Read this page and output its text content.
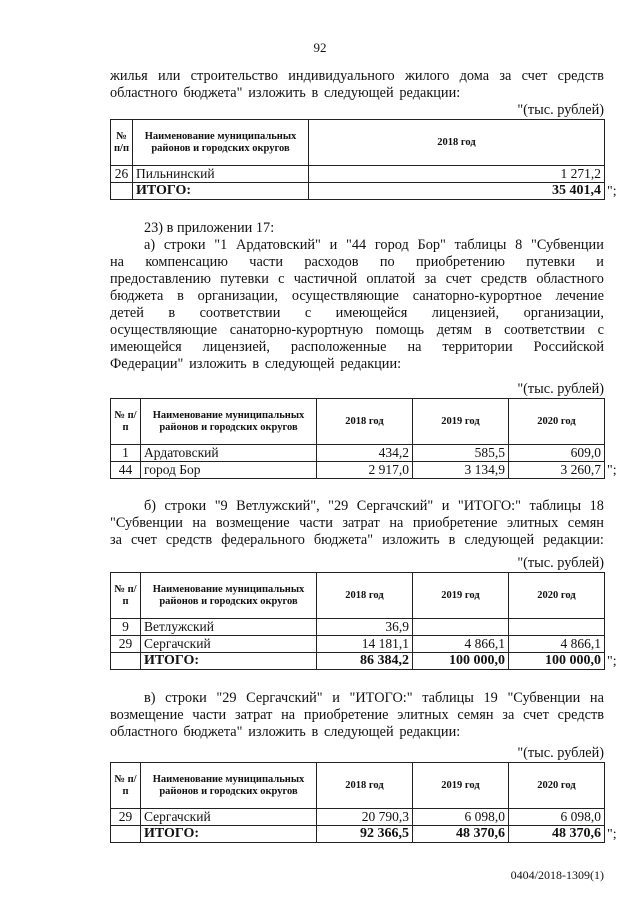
92
жилья или строительство индивидуального жилого дома за счет средств
областного бюджета" изложить в следующей редакции:
"(тыс. рублей)
№ п/п	Наименование муниципальных районов и городских округов	2018 год
26	Пильнинский	1 271,2
	ИТОГО:	35 401,4 ";
23) в приложении 17:
а) строки "1 Ардатовский" и "44 город Бор" таблицы 8 "Субвенции
на компенсацию части расходов по приобретению путевки и
предоставлению путевки с частичной оплатой за счет средств областного
бюджета в организации, осуществляющие санаторно-курортное лечение
детей в соответствии с имеющейся лицензией, организации,
осуществляющие санаторно-курортную помощь детям в соответствии с
имеющейся лицензией, расположенные на территории Российской
Федерации" изложить в следующей редакции:
"(тыс. рублей)
№ п/п	Наименование муниципальных районов и городских округов	2018 год	2019 год	2020 год
1	Ардатовский	434,2	585,5	609,0
44	город Бор	2 917,0	3 134,9	3 260,7 ";
б) строки "9 Ветлужский", "29 Сергачский" и "ИТОГО:" таблицы 18
"Субвенции на возмещение части затрат на приобретение элитных семян
за счет средств федерального бюджета" изложить в следующей редакции:
"(тыс. рублей)
№ п/п	Наименование муниципальных районов и городских округов	2018 год	2019 год	2020 год
9	Ветлужский	36,9		
29	Сергачский	14 181,1	4 866,1	4 866,1
	ИТОГО:	86 384,2	100 000,0	100 000,0 ";
в) строки "29 Сергачский" и "ИТОГО:" таблицы 19 "Субвенции на
возмещение части затрат на приобретение элитных семян за счет средств
областного бюджета" изложить в следующей редакции:
"(тыс. рублей)
№ п/п	Наименование муниципальных районов и городских округов	2018 год	2019 год	2020 год
29	Сергачский	20 790,3	6 098,0	6 098,0
	ИТОГО:	92 366,5	48 370,6	48 370,6 ";
0404/2018-1309(1)
